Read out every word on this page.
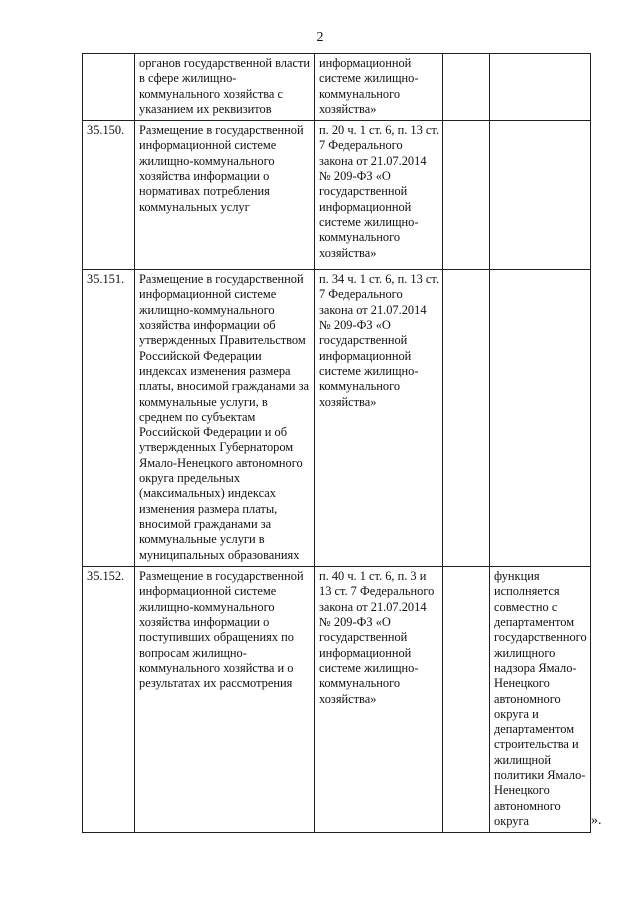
2
	органов государственной власти в сфере жилищно-коммунального хозяйства с указанием их реквизитов	информационной системе жилищно-коммунального хозяйства»		
35.150.	Размещение в государственной информационной системе жилищно-коммунального хозяйства информации о нормативах потребления коммунальных услуг	п. 20 ч. 1 ст. 6, п. 13 ст. 7 Федерального закона от 21.07.2014 № 209-ФЗ «О государственной информационной системе жилищно-коммунального хозяйства»		
35.151.	Размещение в государственной информационной системе жилищно-коммунального хозяйства информации об утвержденных Правительством Российской Федерации индексах изменения размера платы, вносимой гражданами за коммунальные услуги, в среднем по субъектам Российской Федерации и об утвержденных Губернатором Ямало-Ненецкого автономного округа предельных (максимальных) индексах изменения размера платы, вносимой гражданами за коммунальные услуги в муниципальных образованиях	п. 34 ч. 1 ст. 6, п. 13 ст. 7 Федерального закона от 21.07.2014 № 209-ФЗ «О государственной информационной системе жилищно-коммунального хозяйства»		
35.152.	Размещение в государственной информационной системе жилищно-коммунального хозяйства информации о поступивших обращениях по вопросам жилищно-коммунального хозяйства и о результатах их рассмотрения	п. 40 ч. 1 ст. 6, п. 3 и 13 ст. 7 Федерального закона от 21.07.2014 № 209-ФЗ «О государственной информационной системе жилищно-коммунального хозяйства»		функция исполняется совместно с департаментом государственного жилищного надзора Ямало-Ненецкого автономного округа и департаментом строительства и жилищной политики Ямало-Ненецкого автономного округа	».
